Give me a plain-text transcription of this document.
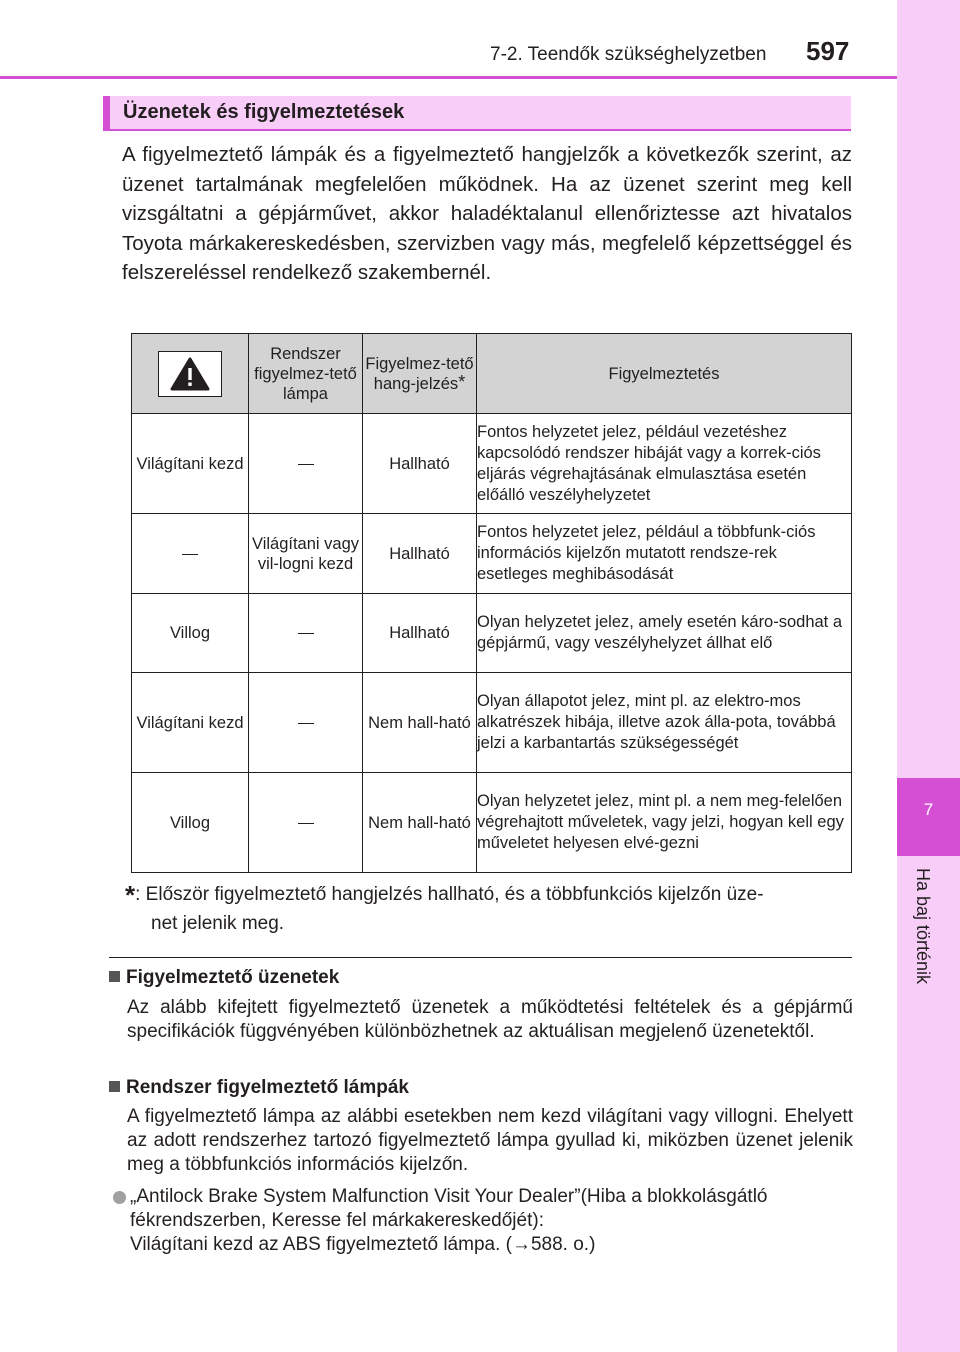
7
Ha baj történik
7-2. Teendők szükséghelyzetben 597
Üzenetek és figyelmeztetések
A figyelmeztető lámpák és a figyelmeztető hangjelzők a következők szerint, az üzenet tartalmának megfelelően működnek. Ha az üzenet szerint meg kell vizsgáltatni a gépjárművet, akkor haladéktalanul ellenőriztesse azt hivatalos Toyota márkakereskedésben, szervizben vagy más, megfelelő képzettséggel és felszereléssel rendelkező szakembernél.
	Rendszer figyelmez-tető lámpa	Figyelmez-tető hang-jelzés*	Figyelmeztetés
Világítani kezd		Hallható	Fontos helyzetet jelez, például vezetéshez kapcsolódó rendszer hibáját vagy a korrek-ciós eljárás végrehajtásának elmulasztása esetén előálló veszélyhelyzetet
	Világítani vagy vil-logni kezd	Hallható	Fontos helyzetet jelez, például a többfunk-ciós információs kijelzőn mutatott rendsze-rek esetleges meghibásodását
Villog		Hallható	Olyan helyzetet jelez, amely esetén káro-sodhat a gépjármű, vagy veszélyhelyzet állhat elő
Világítani kezd		Nem hall-ható	Olyan állapotot jelez, mint pl. az elektro-mos alkatrészek hibája, illetve azok álla-pota, továbbá jelzi a karbantartás szükségességét
Villog		Nem hall-ható	Olyan helyzetet jelez, mint pl. a nem meg-felelően végrehajtott műveletek, vagy jelzi, hogyan kell egy műveletet helyesen elvé-gezni
*: Először figyelmeztető hangjelzés hallható, és a többfunkciós kijelzőn üze-
net jelenik meg.
Figyelmeztető üzenetek
Az alább kifejtett figyelmeztető üzenetek a működtetési feltételek és a gépjármű specifikációk függvényében különbözhetnek az aktuálisan megjelenő üzenetektől.
Rendszer figyelmeztető lámpák
A figyelmeztető lámpa az alábbi esetekben nem kezd világítani vagy villogni. Ehelyett az adott rendszerhez tartozó figyelmeztető lámpa gyullad ki, miközben üzenet jelenik meg a többfunkciós információs kijelzőn.
„Antilock Brake System Malfunction Visit Your Dealer”(Hiba a blokkolásgátló
fékrendszerben, Keresse fel márkakereskedőjét):
Világítani kezd az ABS figyelmeztető lámpa. (→588. o.)
